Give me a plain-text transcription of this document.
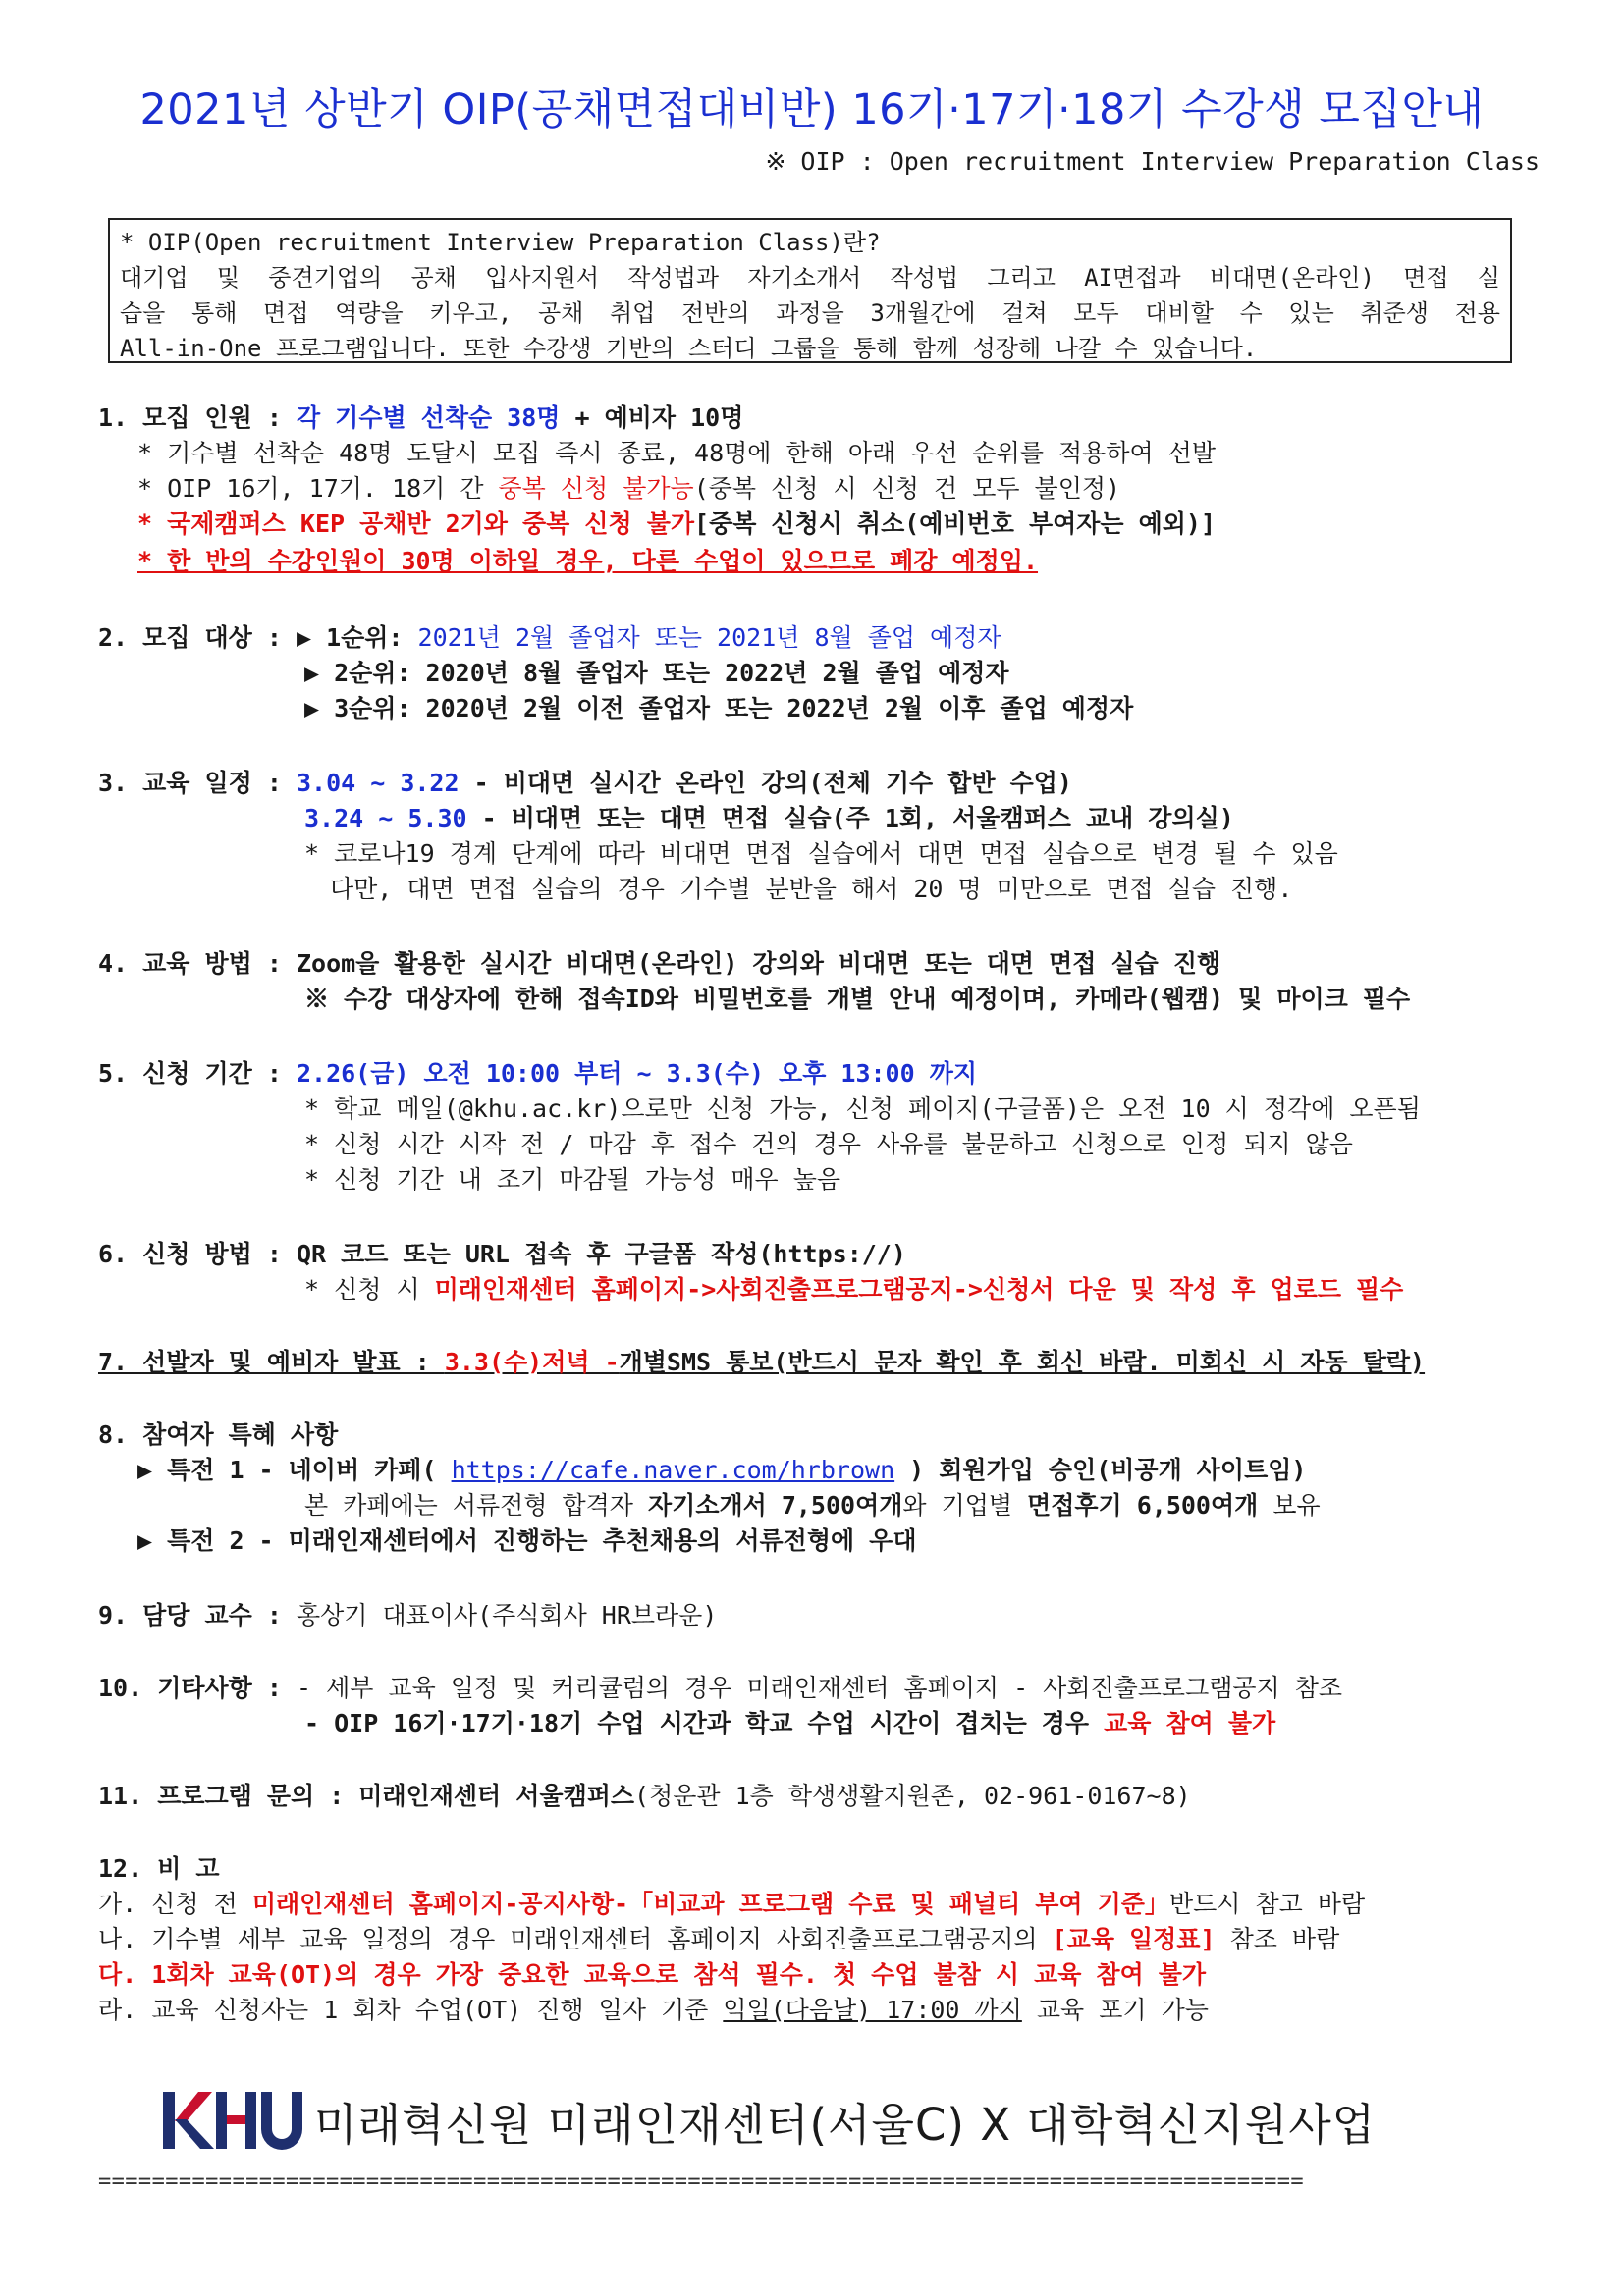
2021년 상반기 OIP(공채면접대비반) 16기·17기·18기 수강생 모집안내
※ OIP : Open recruitment Interview Preparation Class
* OIP(Open recruitment Interview Preparation Class)란?
대기업 및 중견기업의 공채 입사지원서 작성법과 자기소개서 작성법 그리고 AI면접과 비대면(온라인) 면접 실
습을 통해 면접 역량을 키우고, 공채 취업 전반의 과정을 3개월간에 걸쳐 모두 대비할 수 있는 취준생 전용
All-in-One 프로그램입니다. 또한 수강생 기반의 스터디 그룹을 통해 함께 성장해 나갈 수 있습니다.
1. 모집 인원 : 각 기수별 선착순 38명 + 예비자 10명
* 기수별 선착순 48명 도달시 모집 즉시 종료, 48명에 한해 아래 우선 순위를 적용하여 선발
* OIP 16기, 17기. 18기 간 중복 신청 불가능(중복 신청 시 신청 건 모두 불인정)
* 국제캠퍼스 KEP 공채반 2기와 중복 신청 불가[중복 신청시 취소(예비번호 부여자는 예외)]
* 한 반의 수강인원이 30명 이하일 경우, 다른 수업이 있으므로 폐강 예정임.
2. 모집 대상 : ▶ 1순위: 2021년 2월 졸업자 또는 2021년 8월 졸업 예정자
▶ 2순위: 2020년 8월 졸업자 또는 2022년 2월 졸업 예정자
▶ 3순위: 2020년 2월 이전 졸업자 또는 2022년 2월 이후 졸업 예정자
3. 교육 일정 : 3.04 ~ 3.22 - 비대면 실시간 온라인 강의(전체 기수 합반 수업)
3.24 ~ 5.30 - 비대면 또는 대면 면접 실습(주 1회, 서울캠퍼스 교내 강의실)
* 코로나19 경계 단계에 따라 비대면 면접 실습에서 대면 면접 실습으로 변경 될 수 있음
다만, 대면 면접 실습의 경우 기수별 분반을 해서 20 명 미만으로 면접 실습 진행.
4. 교육 방법 : Zoom을 활용한 실시간 비대면(온라인) 강의와 비대면 또는 대면 면접 실습 진행
※ 수강 대상자에 한해 접속ID와 비밀번호를 개별 안내 예정이며, 카메라(웹캠) 및 마이크 필수
5. 신청 기간 : 2.26(금) 오전 10:00 부터 ~ 3.3(수) 오후 13:00 까지
* 학교 메일(@khu.ac.kr)으로만 신청 가능, 신청 페이지(구글폼)은 오전 10 시 정각에 오픈됨
* 신청 시간 시작 전 / 마감 후 접수 건의 경우 사유를 불문하고 신청으로 인정 되지 않음
* 신청 기간 내 조기 마감될 가능성 매우 높음
6. 신청 방법 : QR 코드 또는 URL 접속 후 구글폼 작성(https://)
* 신청 시 미래인재센터 홈페이지->사회진출프로그램공지->신청서 다운 및 작성 후 업로드 필수
7. 선발자 및 예비자 발표 : 3.3(수)저녁 -개별SMS 통보(반드시 문자 확인 후 회신 바람. 미회신 시 자동 탈락)
8. 참여자 특혜 사항
▶ 특전 1 - 네이버 카페( https://cafe.naver.com/hrbrown ) 회원가입 승인(비공개 사이트임)
본 카페에는 서류전형 합격자 자기소개서 7,500여개와 기업별 면접후기 6,500여개 보유
▶ 특전 2 - 미래인재센터에서 진행하는 추천채용의 서류전형에 우대
9. 담당 교수 : 홍상기 대표이사(주식회사 HR브라운)
10. 기타사항 : - 세부 교육 일정 및 커리큘럼의 경우 미래인재센터 홈페이지 - 사회진출프로그램공지 참조
- OIP 16기·17기·18기 수업 시간과 학교 수업 시간이 겹치는 경우 교육 참여 불가
11. 프로그램 문의 : 미래인재센터 서울캠퍼스(청운관 1층 학생생활지원존, 02-961-0167~8)
12. 비 고
가. 신청 전 미래인재센터 홈페이지-공지사항-「비교과 프로그램 수료 및 패널티 부여 기준」반드시 참고 바람
나. 기수별 세부 교육 일정의 경우 미래인재센터 홈페이지 사회진출프로그램공지의 [교육 일정표] 참조 바람
다. 1회차 교육(OT)의 경우 가장 중요한 교육으로 참석 필수. 첫 수업 불참 시 교육 참여 불가
라. 교육 신청자는 1 회차 수업(OT) 진행 일자 기준 익일(다음날) 17:00 까지 교육 포기 가능
미래혁신원 미래인재센터(서울C) X 대학혁신지원사업
==========================================================================================
